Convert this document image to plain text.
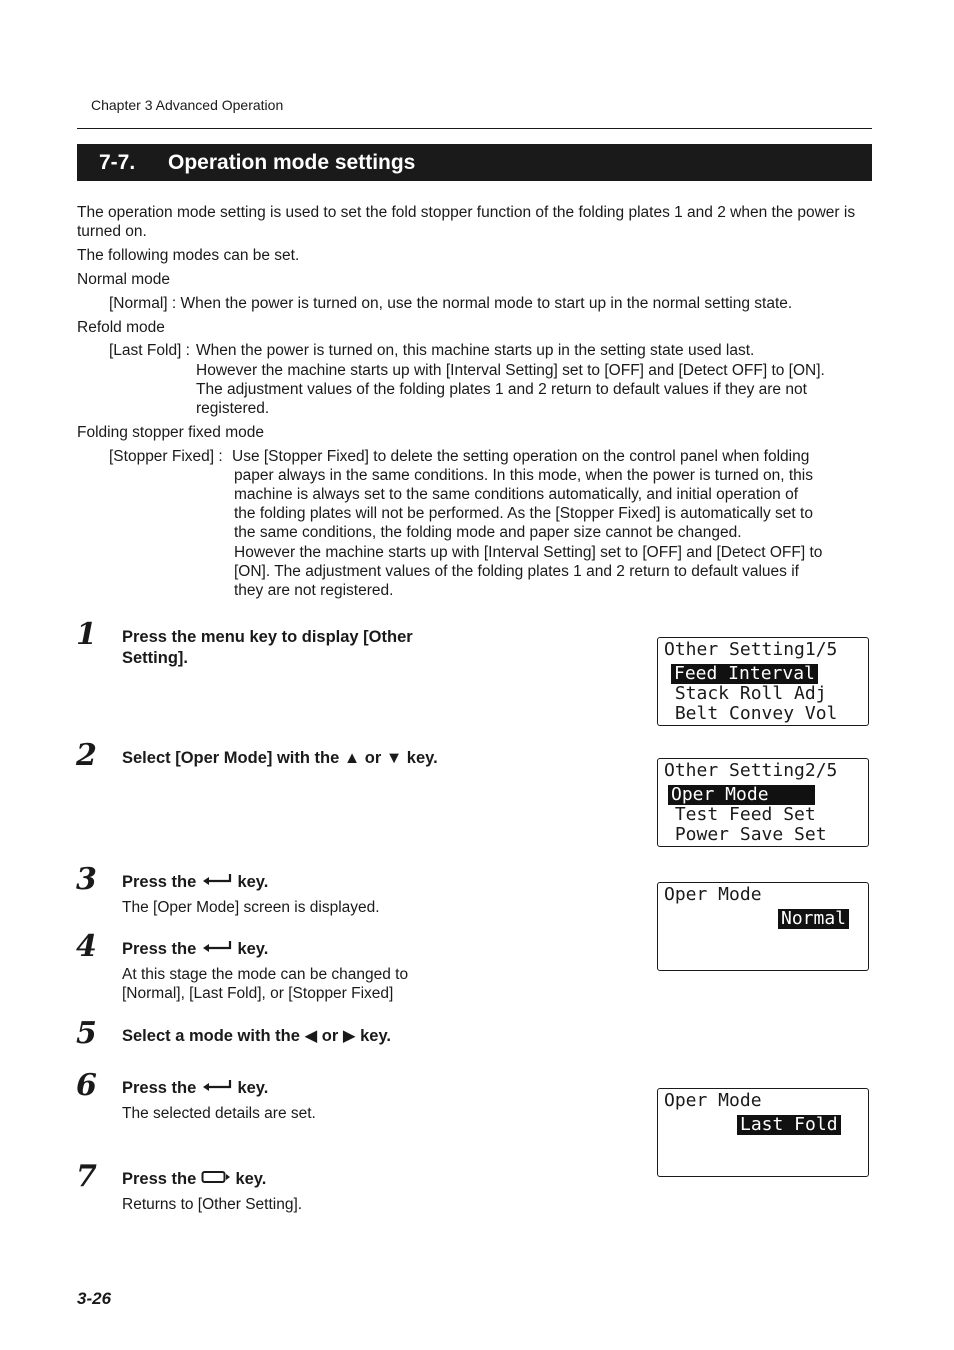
Chapter 3 Advanced Operation
7-7.	Operation mode settings
The operation mode setting is used to set the fold stopper function of the folding plates 1 and 2 when the power is turned on.
The following modes can be set.
Normal mode
[Normal] : When the power is turned on, use the normal mode to start up in the normal setting state.
Refold mode
[Last Fold] : When the power is turned on, this machine starts up in the setting state used last.
However the machine starts up with [Interval Setting] set to [OFF] and [Detect OFF] to [ON].
The adjustment values of the folding plates 1 and 2 return to default values if they are not
registered.
Folding stopper fixed mode
[Stopper Fixed] : Use [Stopper Fixed] to delete the setting operation on the control panel when folding
paper always in the same conditions. In this mode, when the power is turned on, this
machine is always set to the same conditions automatically, and initial operation of
the folding plates will not be performed. As the [Stopper Fixed] is automatically set to
the same conditions, the folding mode and paper size cannot be changed.
However the machine starts up with [Interval Setting] set to [OFF] and [Detect OFF] to
[ON]. The adjustment values of the folding plates 1 and 2 return to default values if
they are not registered.
1 Press the menu key to display [Other
Setting].
2 Select [Oper Mode] with the ▲ or ▼ key.
3 Press the  key.
The [Oper Mode] screen is displayed.
4 Press the  key.
At this stage the mode can be changed to
[Normal], [Last Fold], or [Stopper Fixed]
5 Select a mode with the ◀ or ▶ key.
6 Press the  key.
The selected details are set.
7 Press the  key.
Returns to [Other Setting].
Other Setting1/5
Feed Interval
Stack Roll Adj
Belt Convey Vol
Other Setting2/5
Oper Mode
Test Feed Set
Power Save Set
Oper Mode
Normal
Oper Mode
Last Fold
3-26
